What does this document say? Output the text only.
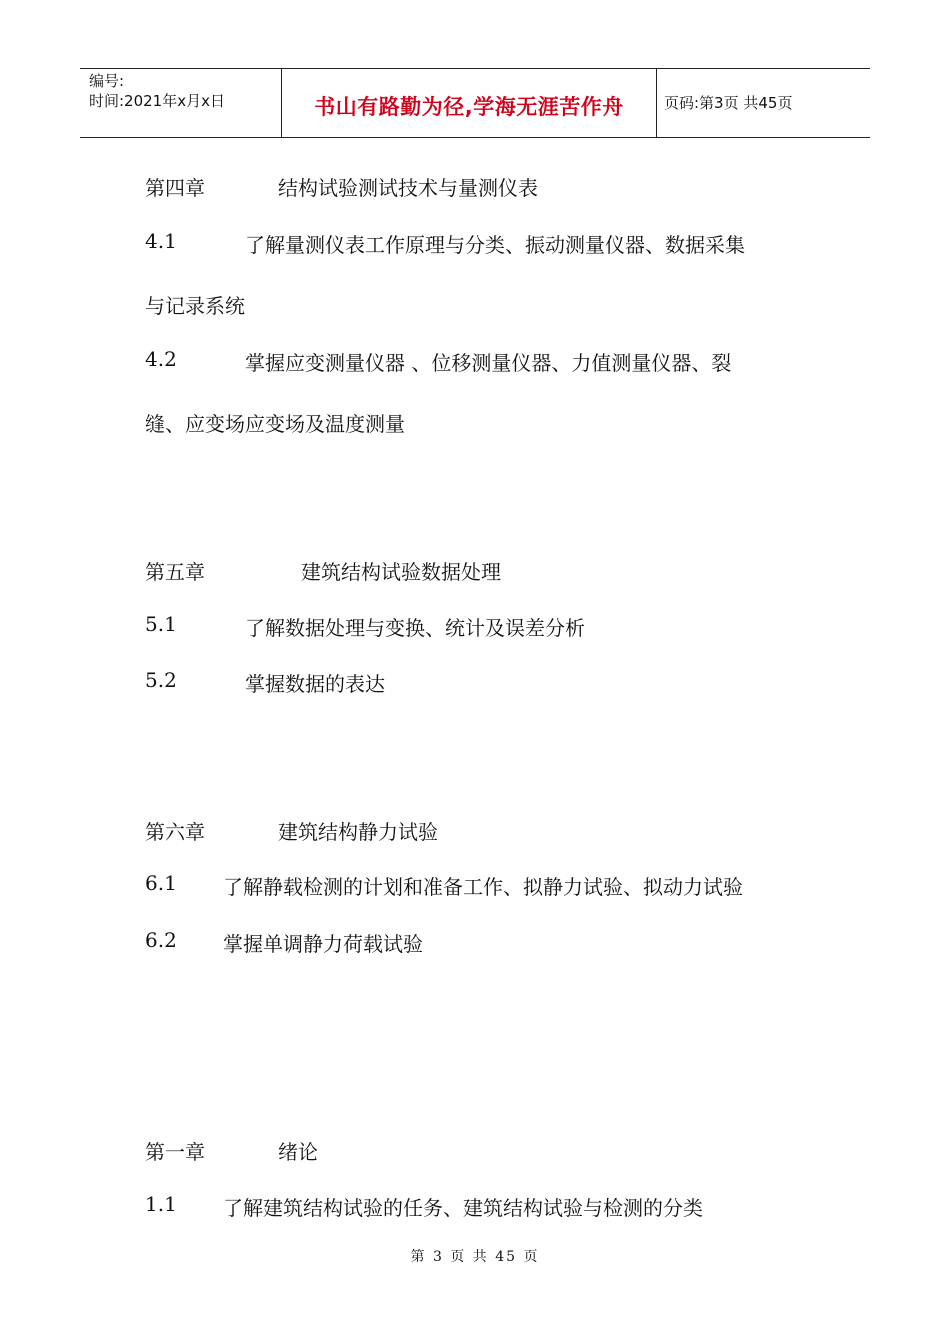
编号:
时间:2021年x月x日	书山有路勤为径,学海无涯苦作舟	页码:第3页 共45页
第四章	结构试验测试技术与量测仪表
4.1	了解量测仪表工作原理与分类、振动测量仪器、数据采集
与记录系统
4.2	掌握应变测量仪器 、位移测量仪器、力值测量仪器、裂
缝、应变场应变场及温度测量
第五章	建筑结构试验数据处理
5.1	了解数据处理与变换、统计及误差分析
5.2	掌握数据的表达
第六章	建筑结构静力试验
6.1 了解静载检测的计划和准备工作、拟静力试验、拟动力试验
6.2 掌握单调静力荷载试验
第一章	绪论
1.1 了解建筑结构试验的任务、建筑结构试验与检测的分类
第 3 页 共 45 页
